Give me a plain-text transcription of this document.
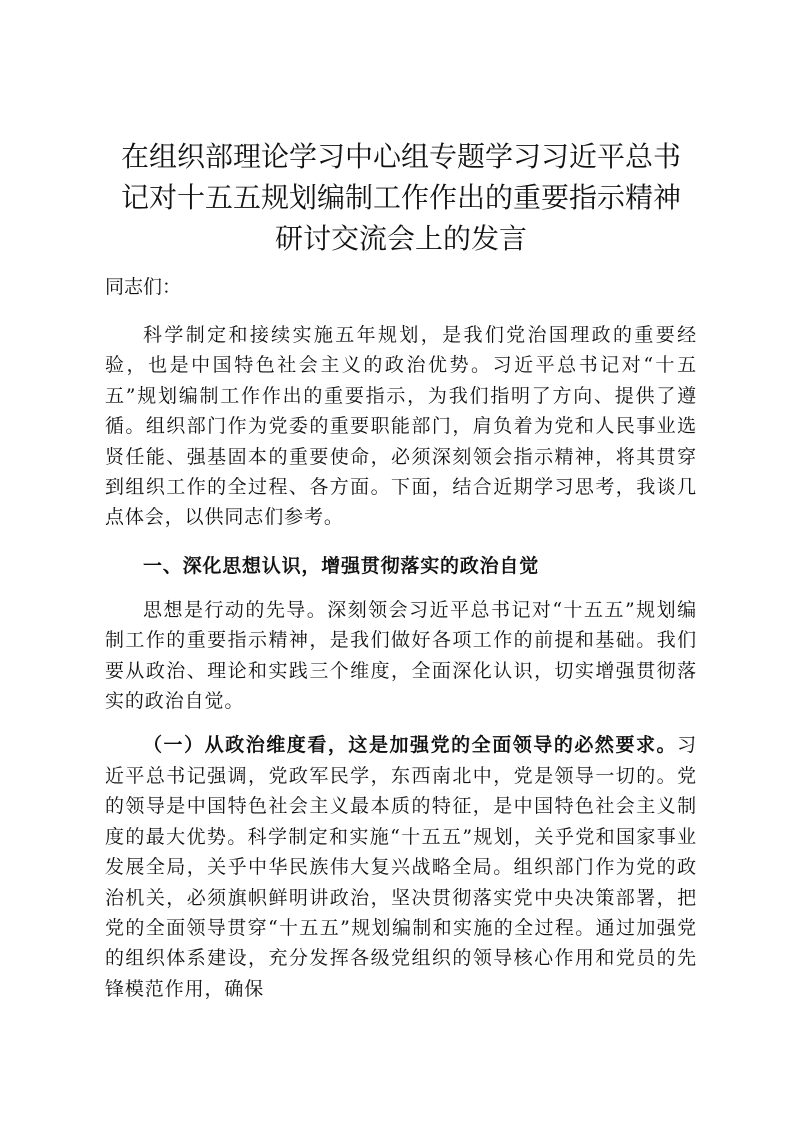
在组织部理论学习中心组专题学习习近平总书
记对十五五规划编制工作作出的重要指示精神
研讨交流会上的发言
同志们：

科学制定和接续实施五年规划，是我们党治国理政的重要经验，也是中国特色社会主义的政治优势。习近平总书记对“十五五”规划编制工作作出的重要指示，为我们指明了方向、提供了遵循。组织部门作为党委的重要职能部门，肩负着为党和人民事业选贤任能、强基固本的重要使命，必须深刻领会指示精神，将其贯穿到组织工作的全过程、各方面。下面，结合近期学习思考，我谈几点体会，以供同志们参考。

一、深化思想认识，增强贯彻落实的政治自觉

思想是行动的先导。深刻领会习近平总书记对“十五五”规划编制工作的重要指示精神，是我们做好各项工作的前提和基础。我们要从政治、理论和实践三个维度，全面深化认识，切实增强贯彻落实的政治自觉。

（一）从政治维度看，这是加强党的全面领导的必然要求。习近平总书记强调，党政军民学，东西南北中，党是领导一切的。党的领导是中国特色社会主义最本质的特征，是中国特色社会主义制度的最大优势。科学制定和实施“十五五”规划，关乎党和国家事业发展全局，关乎中华民族伟大复兴战略全局。组织部门作为党的政治机关，必须旗帜鲜明讲政治，坚决贯彻落实党中央决策部署，把党的全面领导贯穿“十五五”规划编制和实施的全过程。通过加强党的组织体系建设，充分发挥各级党组织的领导核心作用和党员的先锋模范作用，确保
